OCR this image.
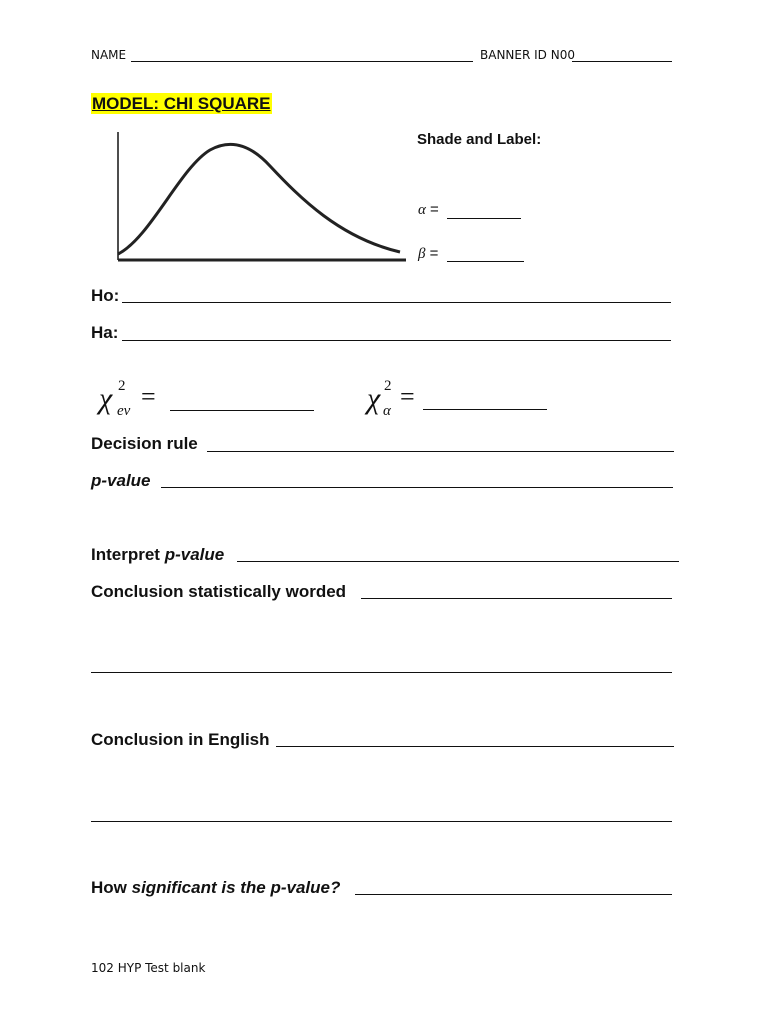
NAME	BANNER ID N00
MODEL: CHI SQUARE
Shade and Label:
α =
β =
Ho:
Ha:
χ 2
ev =	χ 2
α =
Decision rule
p-value
Interpret p-value
Conclusion statistically worded
Conclusion in English
How significant is the p-value?
102 HYP Test blank
